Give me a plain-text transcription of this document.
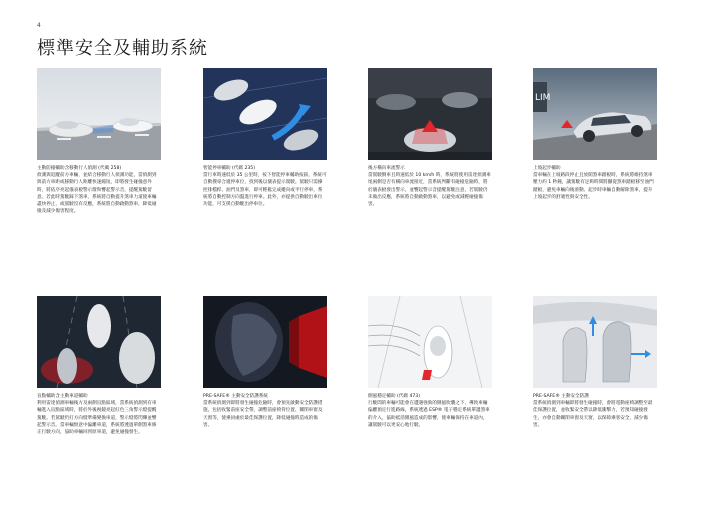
4
標準安全及輔助系統
主動防撞輔助含移動行人偵測 (代碼 258)
偵測與追蹤前方車輛，並結合移動行人偵測功能，當偵測到與前方車距或移動行人距離快速縮短，即將發生碰撞意外時，將依序亮起儀表板警示燈和響起警示音，提醒駕駛留意。若此時駕駛踩下煞車，系統將自動提升煞車力道使車輛盡快停止，或駕駛沒有反應，系統將自動啟動煞車，降低碰撞及減少傷害程度。
智能停車輔助 (代碼 235)
當行車時速低於 35 公里時，按下智能停車輔助按鈕，系統可自動搜尋合適停車位，找到後以儀表提示駕駛。駕駛只需操控排檔桿、油門及煞車，即可輕鬆完成縱向或平行停車，系統將自動控制方向盤進行停車。此外，亦提供自動駛出車位功能，可支援自動駛出停車位。
後方橫向車流警示
當駕駛倒車且時速低於 10 km/h 時，系統將使用雷達偵測車尾兩側是否有橫向車流接近，當系統判斷有碰撞危險時，將於儀表板發出警示，並響起警示音提醒駕駛注意，若駕駛仍未做出反應，系統將自動啟動煞車，以避免或減輕碰撞傷害。
LIM
上坡起步輔助
當車輛在上坡路段停止且放開煞車踏板時，系統將維持煞車壓力約 1 秒鐘，讓駕駛有足夠時間將腳從煞車踏板移至油門踏板，避免車輛向後滑動。起步時車輛自動解除煞車，提升上坡起步的舒適性與安全性。
盲點輔助含主動車道輔助
利用雷達偵測車輛後方及兩側盲點區域，當系統偵測到有車輛進入盲點區域時，將於外後視鏡亮起紅色三角警示燈提醒駕駛。若駕駛仍打方向燈準備變換車道，警示燈將閃爍並響起警示音。當車輛無意中偏離車道，系統將透過單側煞車修正行駛方向，協助車輛回到原車道，避免碰撞發生。
PRE-SAFE® 主動安全防護系統
當系統偵測到即將發生碰撞危險時，會預先啟動安全防護措施，包括收緊前座安全帶、調整前座椅背位置、關閉車窗及天窗等，使乘員處於最佳保護位置，降低碰撞時造成的傷害。
側風穩定輔助 (代碼 473)
行駛間的車輛可能會在遭遇強勁的側風吹襲之下，導致車輛偏離預定行進路線，系統透過 ESP® 電子穩定系統單邊煞車的介入，協助抵消側風造成的影響，使車輛保持在車道內，讓駕駛可以更安心地行駛。
PRE-SAFE® 主動安全防護
當系統偵測到車輛即將發生碰撞時，會將電動座椅調整至最佳保護位置，並收緊安全帶以降低衝擊力，若預知碰撞發生，亦會自動關閉車窗及天窗，以保障乘客安全，減少傷害。
